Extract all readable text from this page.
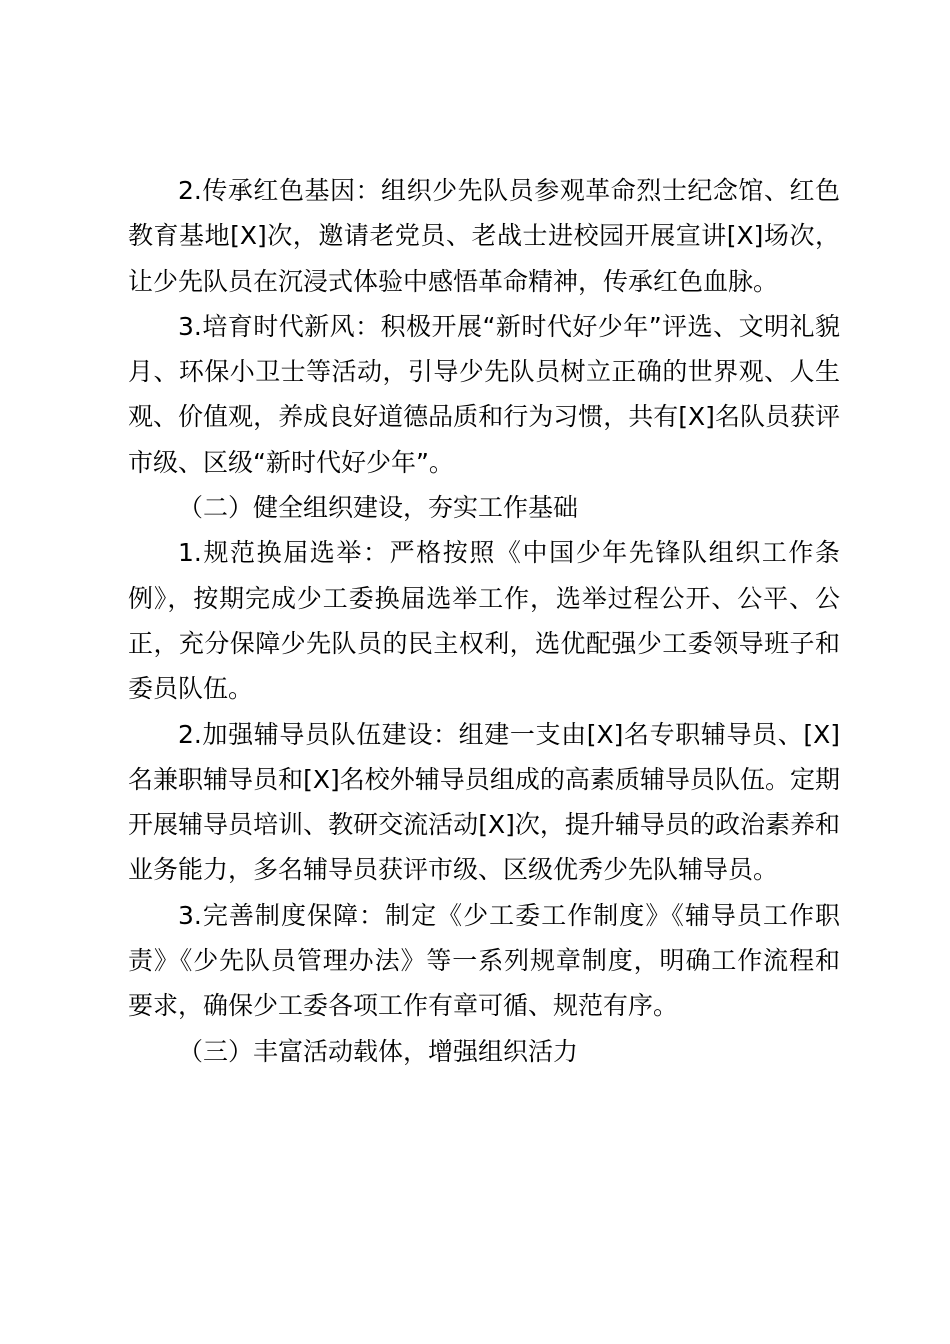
2.传承红色基因：组织少先队员参观革命烈士纪念馆、红色教育基地[X]次，邀请老党员、老战士进校园开展宣讲[X]场次，让少先队员在沉浸式体验中感悟革命精神，传承红色血脉。

3.培育时代新风：积极开展“新时代好少年”评选、文明礼貌月、环保小卫士等活动，引导少先队员树立正确的世界观、人生观、价值观，养成良好道德品质和行为习惯，共有[X]名队员获评市级、区级“新时代好少年”。

（二）健全组织建设，夯实工作基础

1.规范换届选举：严格按照《中国少年先锋队组织工作条例》，按期完成少工委换届选举工作，选举过程公开、公平、公正，充分保障少先队员的民主权利，选优配强少工委领导班子和委员队伍。

2.加强辅导员队伍建设：组建一支由[X]名专职辅导员、[X]名兼职辅导员和[X]名校外辅导员组成的高素质辅导员队伍。定期开展辅导员培训、教研交流活动[X]次，提升辅导员的政治素养和业务能力，多名辅导员获评市级、区级优秀少先队辅导员。

3.完善制度保障：制定《少工委工作制度》《辅导员工作职责》《少先队员管理办法》等一系列规章制度，明确工作流程和要求，确保少工委各项工作有章可循、规范有序。

（三）丰富活动载体，增强组织活力
